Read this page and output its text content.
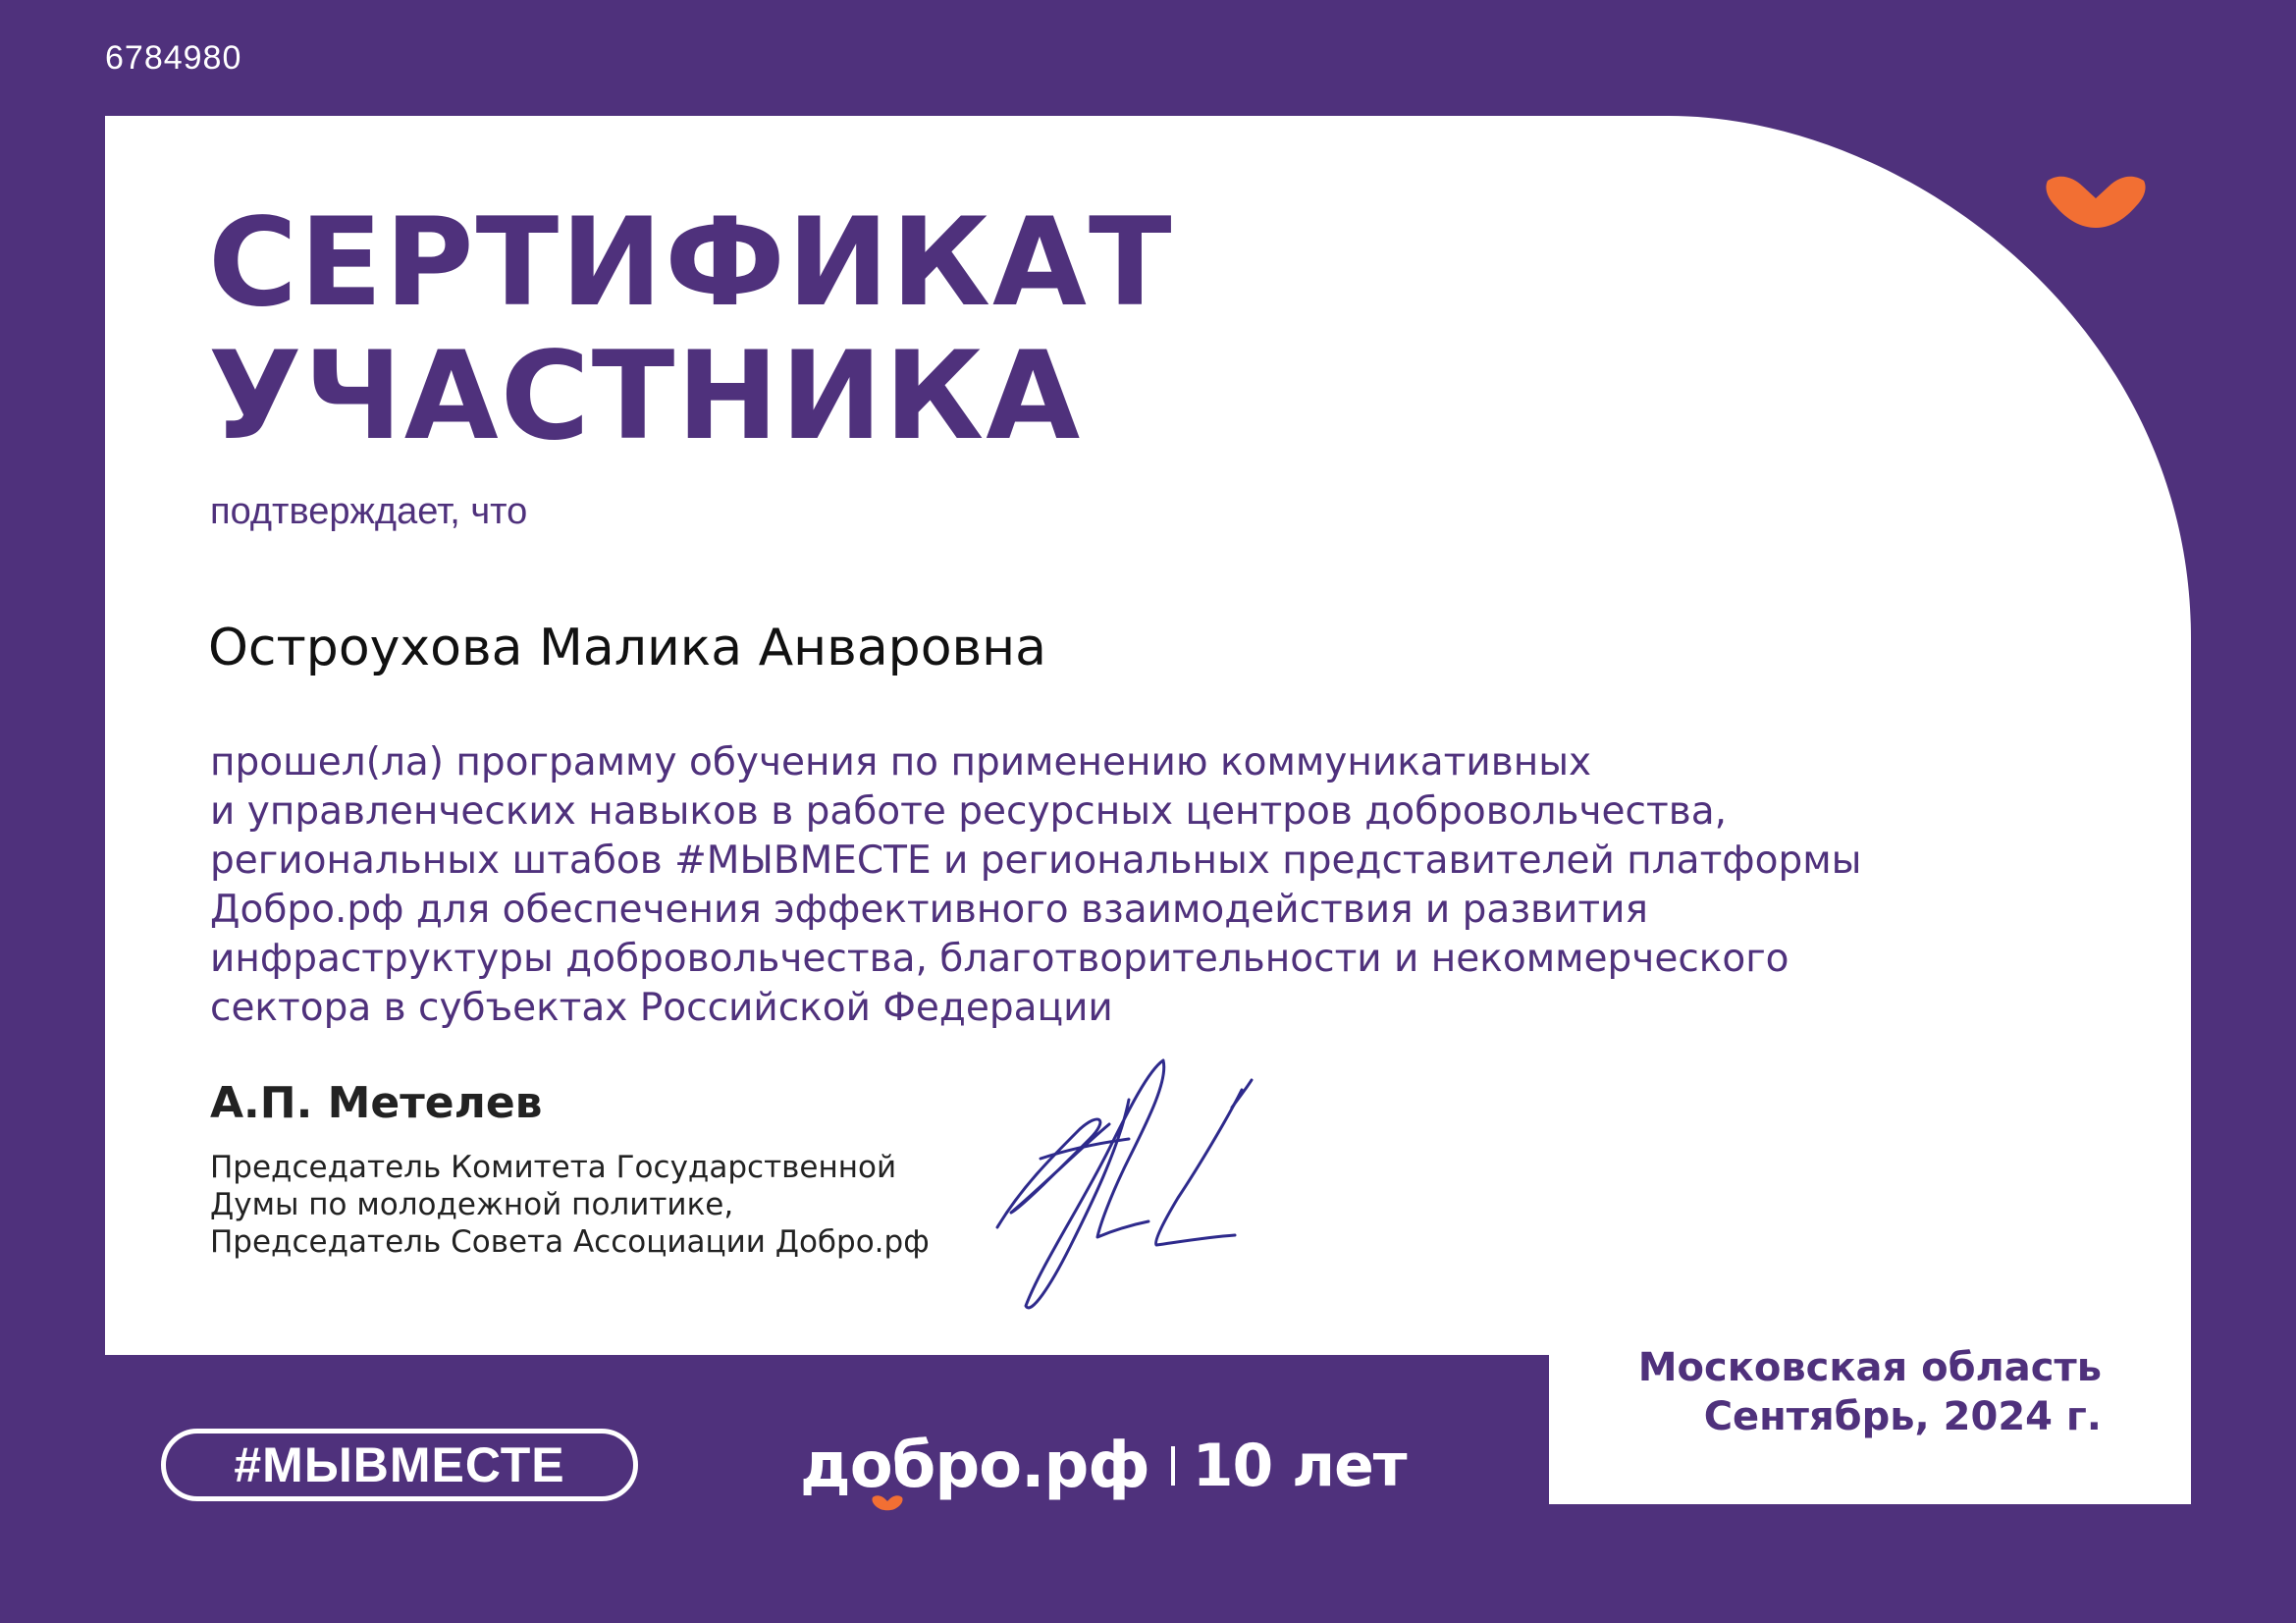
6784980
СЕРТИФИКАТ
УЧАСТНИКА
подтверждает, что
Остроухова Малика Анваровна
прошел(ла) программу обучения по применению коммуникативных
и управленческих навыков в работе ресурсных центров добровольчества,
региональных штабов #МЫВМЕСТЕ и региональных представителей платформы
Добро.рф для обеспечения эффективного взаимодействия и развития
инфраструктуры добровольчества, благотворительности и некоммерческого
сектора в субъектах Российской Федерации
А.П. Метелев
Председатель Комитета Государственной
Думы по молодежной политике,
Председатель Совета Ассоциации Добро.рф
Московская область
Сентябрь, 2024 г.
#МЫВМЕСТЕ	добро.рф 10 лет
